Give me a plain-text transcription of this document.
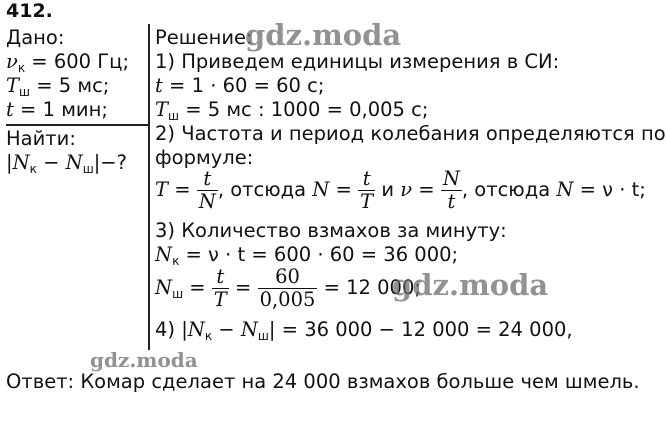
412.
Дано:
$\nu_к = 600$ Гц;
$T_ш = 5$ мс;
t = 1 мин;
Найти:
$|N_к - N_ш|-$?
Решение:
1) Приведем единицы измерения в СИ:
t = 1 · 60 = 60 с;
$T_ш = 5$ мс : 1000 = 0,005 с;
2) Частота и период колебания определяются по
формуле:
$T = \frac{t}{N}$ , отсюда $N = \frac{t}{T}$ и $\nu = \frac{N}{t}$ , отсюда N = ν · t;
3) Количество взмахов за минуту:
$N_к = \nu \cdot t = 600 \cdot 60 = 36$ 000;
$N_ш = \frac{t}{T} = \frac{60}{0,005} = 12$ 000;
4) $|N_к - N_ш| = 36$ 000 − 12 000 = 24 000,
Ответ: Комар сделает на 24 000 взмахов больше чем шмель.
gdz.moda
gdz.moda
gdz.moda
